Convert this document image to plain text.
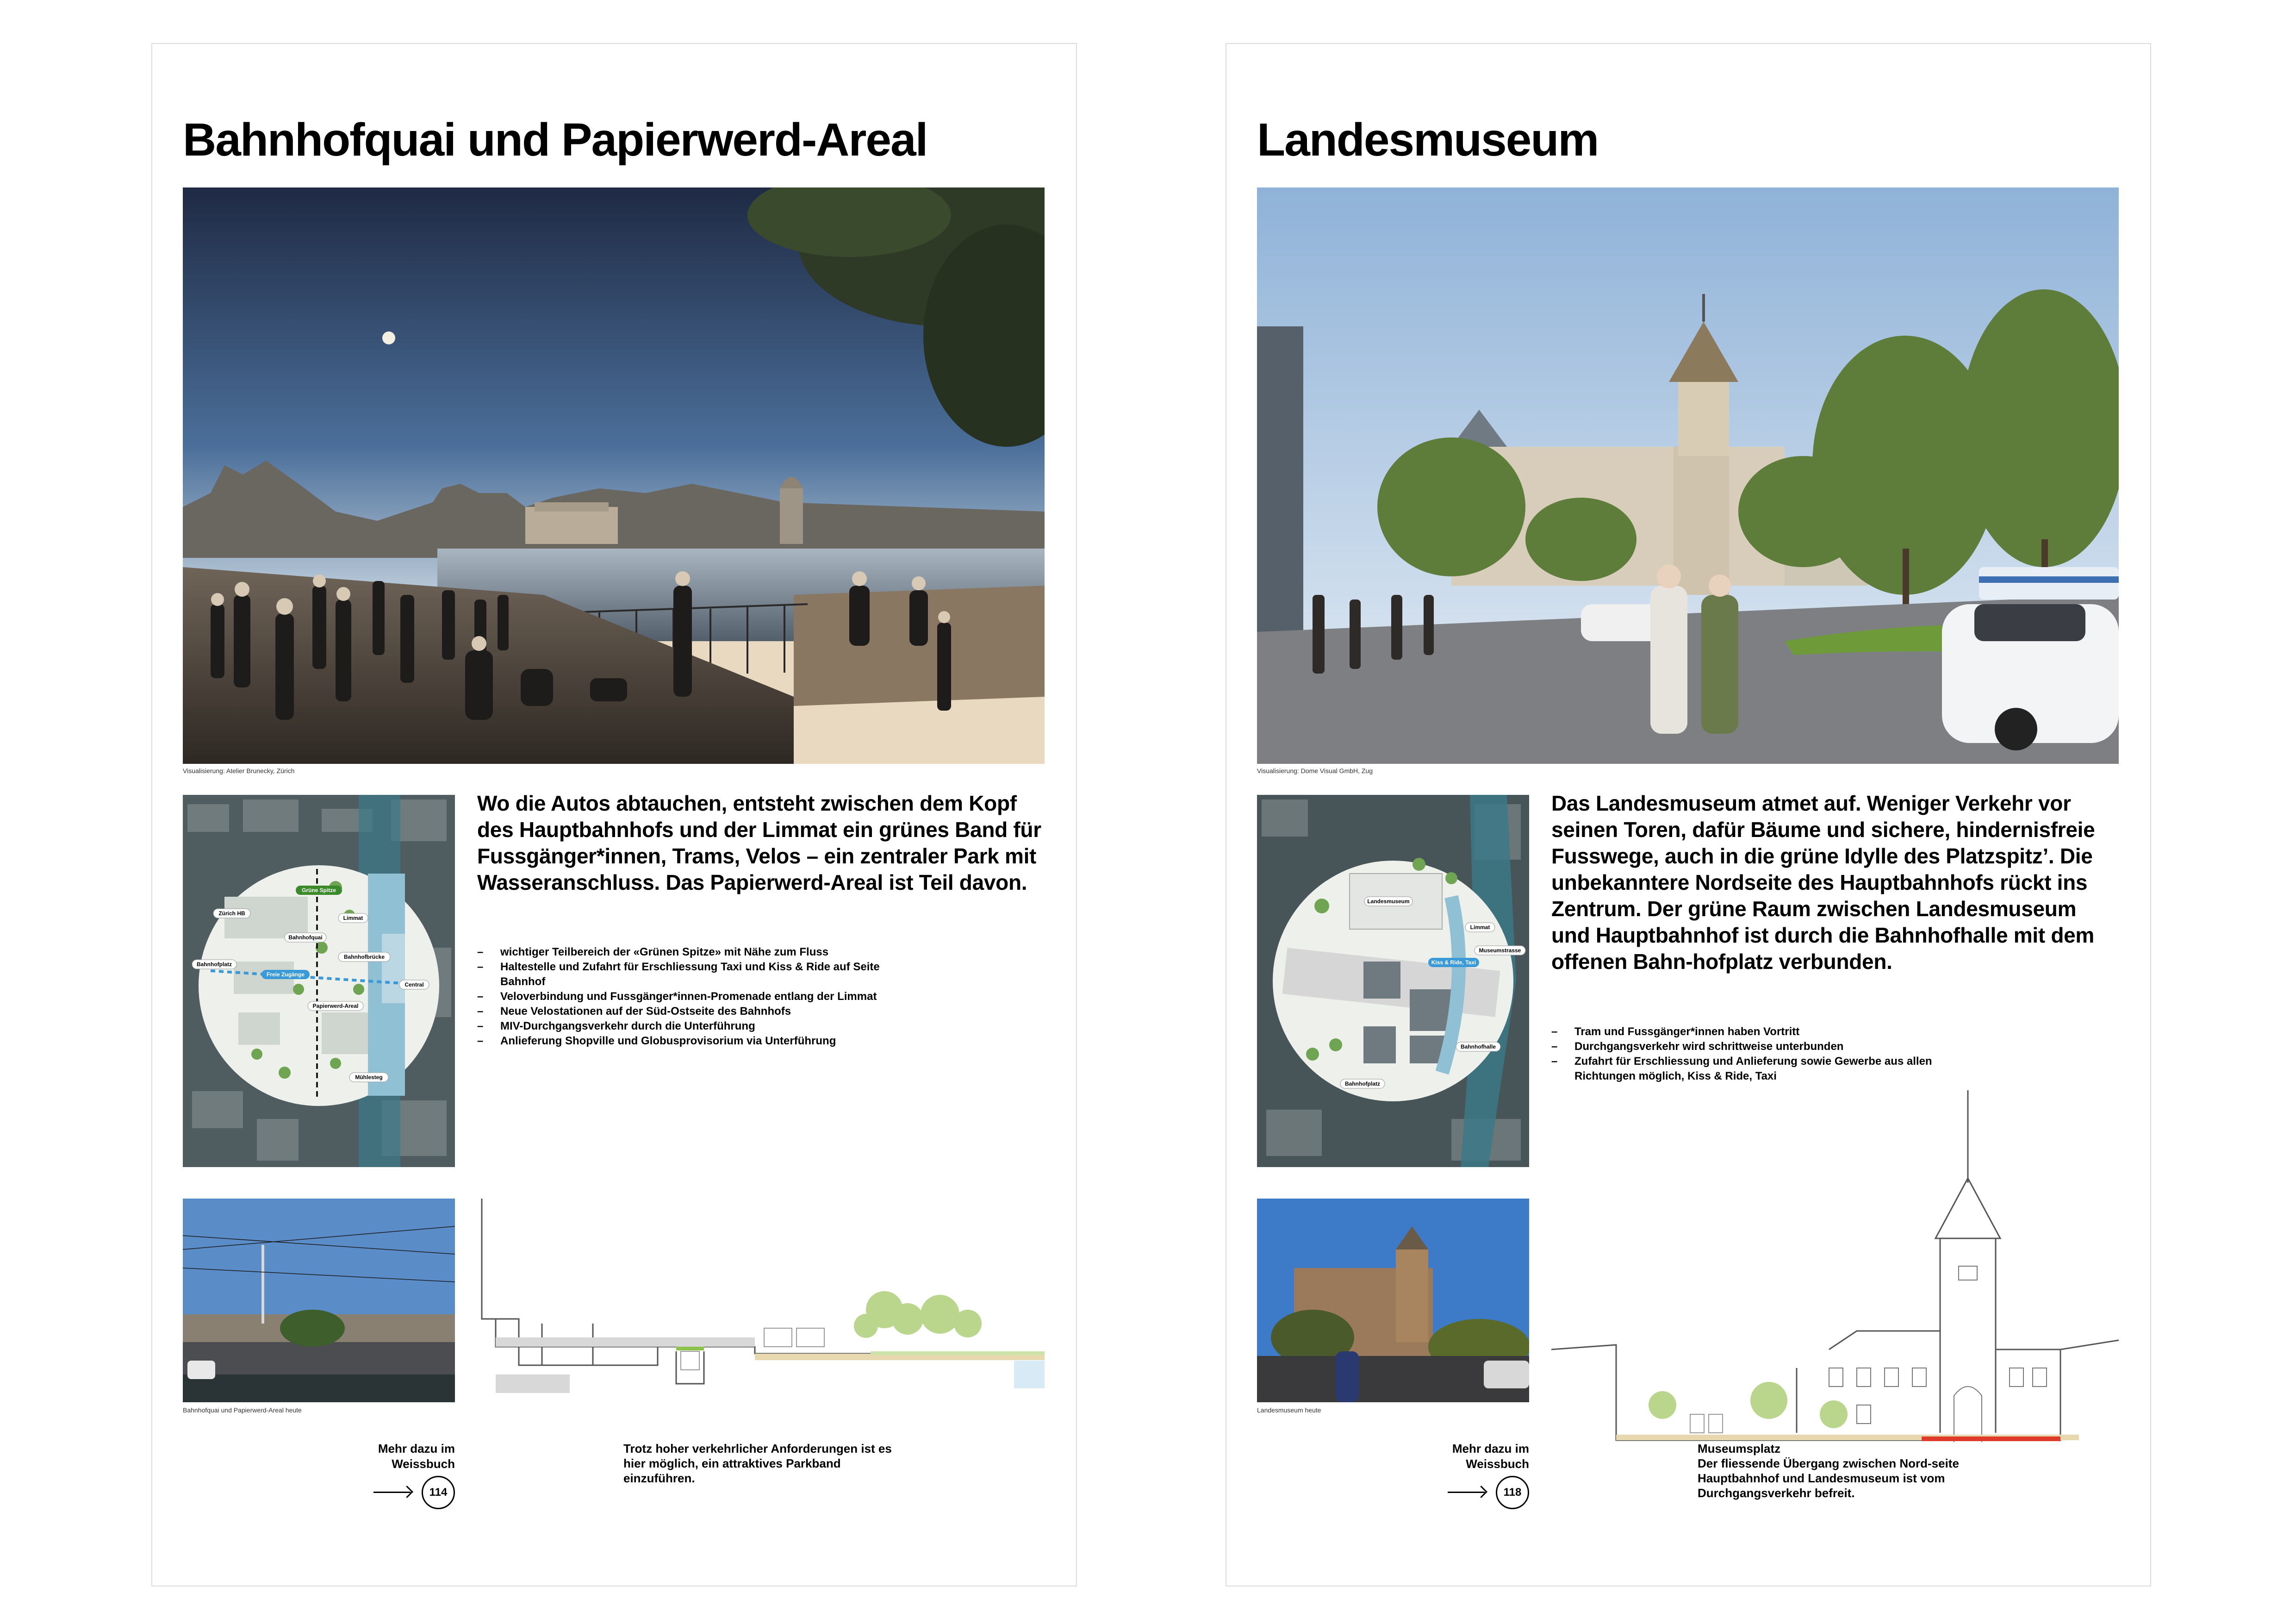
Bahnhofquai und Papierwerd-Areal
Visualisierung: Atelier Brunecky, Zürich
Grüne Spitze
Zürich HB
Bahnhofquai
Limmat
Bahnhofplatz
Bahnhofbrücke
Freie Zugänge
Papierwerd-Areal
Central
Mühlesteg
Wo die Autos abtauchen, entsteht zwischen dem Kopf des Hauptbahnhofs und der Limmat ein grünes Band für Fussgänger*innen, Trams, Velos – ein zentraler Park mit Wasseranschluss. Das Papierwerd-Areal ist Teil davon.
– wichtiger Teilbereich der «Grünen Spitze» mit Nähe zum Fluss
– Haltestelle und Zufahrt für Erschliessung Taxi und Kiss & Ride auf Seite Bahnhof
– Veloverbindung und Fussgänger*innen-Promenade entlang der Limmat
– Neue Velostationen auf der Süd-Ostseite des Bahnhofs
– MIV-Durchgangsverkehr durch die Unterführung
– Anlieferung Shopville und Globusprovisorium via Unterführung
Bahnhofquai und Papierwerd-Areal heute
Mehr dazu im Weissbuch
114
Trotz hoher verkehrlicher Anforderungen ist es hier möglich, ein attraktives Parkband einzuführen.
Landesmuseum
Visualisierung: Dome Visual GmbH, Zug
Landesmuseum
Limmat
Kiss & Ride, Taxi
Museumstrasse
Bahnhofhalle
Bahnhofplatz
Das Landesmuseum atmet auf. Weniger Verkehr vor seinen Toren, dafür Bäume und sichere, hindernisfreie Fusswege, auch in die grüne Idylle des Platzspitz’. Die unbekanntere Nordseite des Hauptbahnhofs rückt ins Zentrum. Der grüne Raum zwischen Landesmuseum und Hauptbahnhof ist durch die Bahnhofhalle mit dem offenen Bahn-hofplatz verbunden.
– Tram und Fussgänger*innen haben Vortritt
– Durchgangsverkehr wird schrittweise unterbunden
– Zufahrt für Erschliessung und Anlieferung sowie Gewerbe aus allen Richtungen möglich, Kiss & Ride, Taxi
Landesmuseum heute
Mehr dazu im Weissbuch
118
Museumsplatz
Der fliessende Übergang zwischen Nord-seite Hauptbahnhof und Landesmuseum ist vom Durchgangsverkehr befreit.
